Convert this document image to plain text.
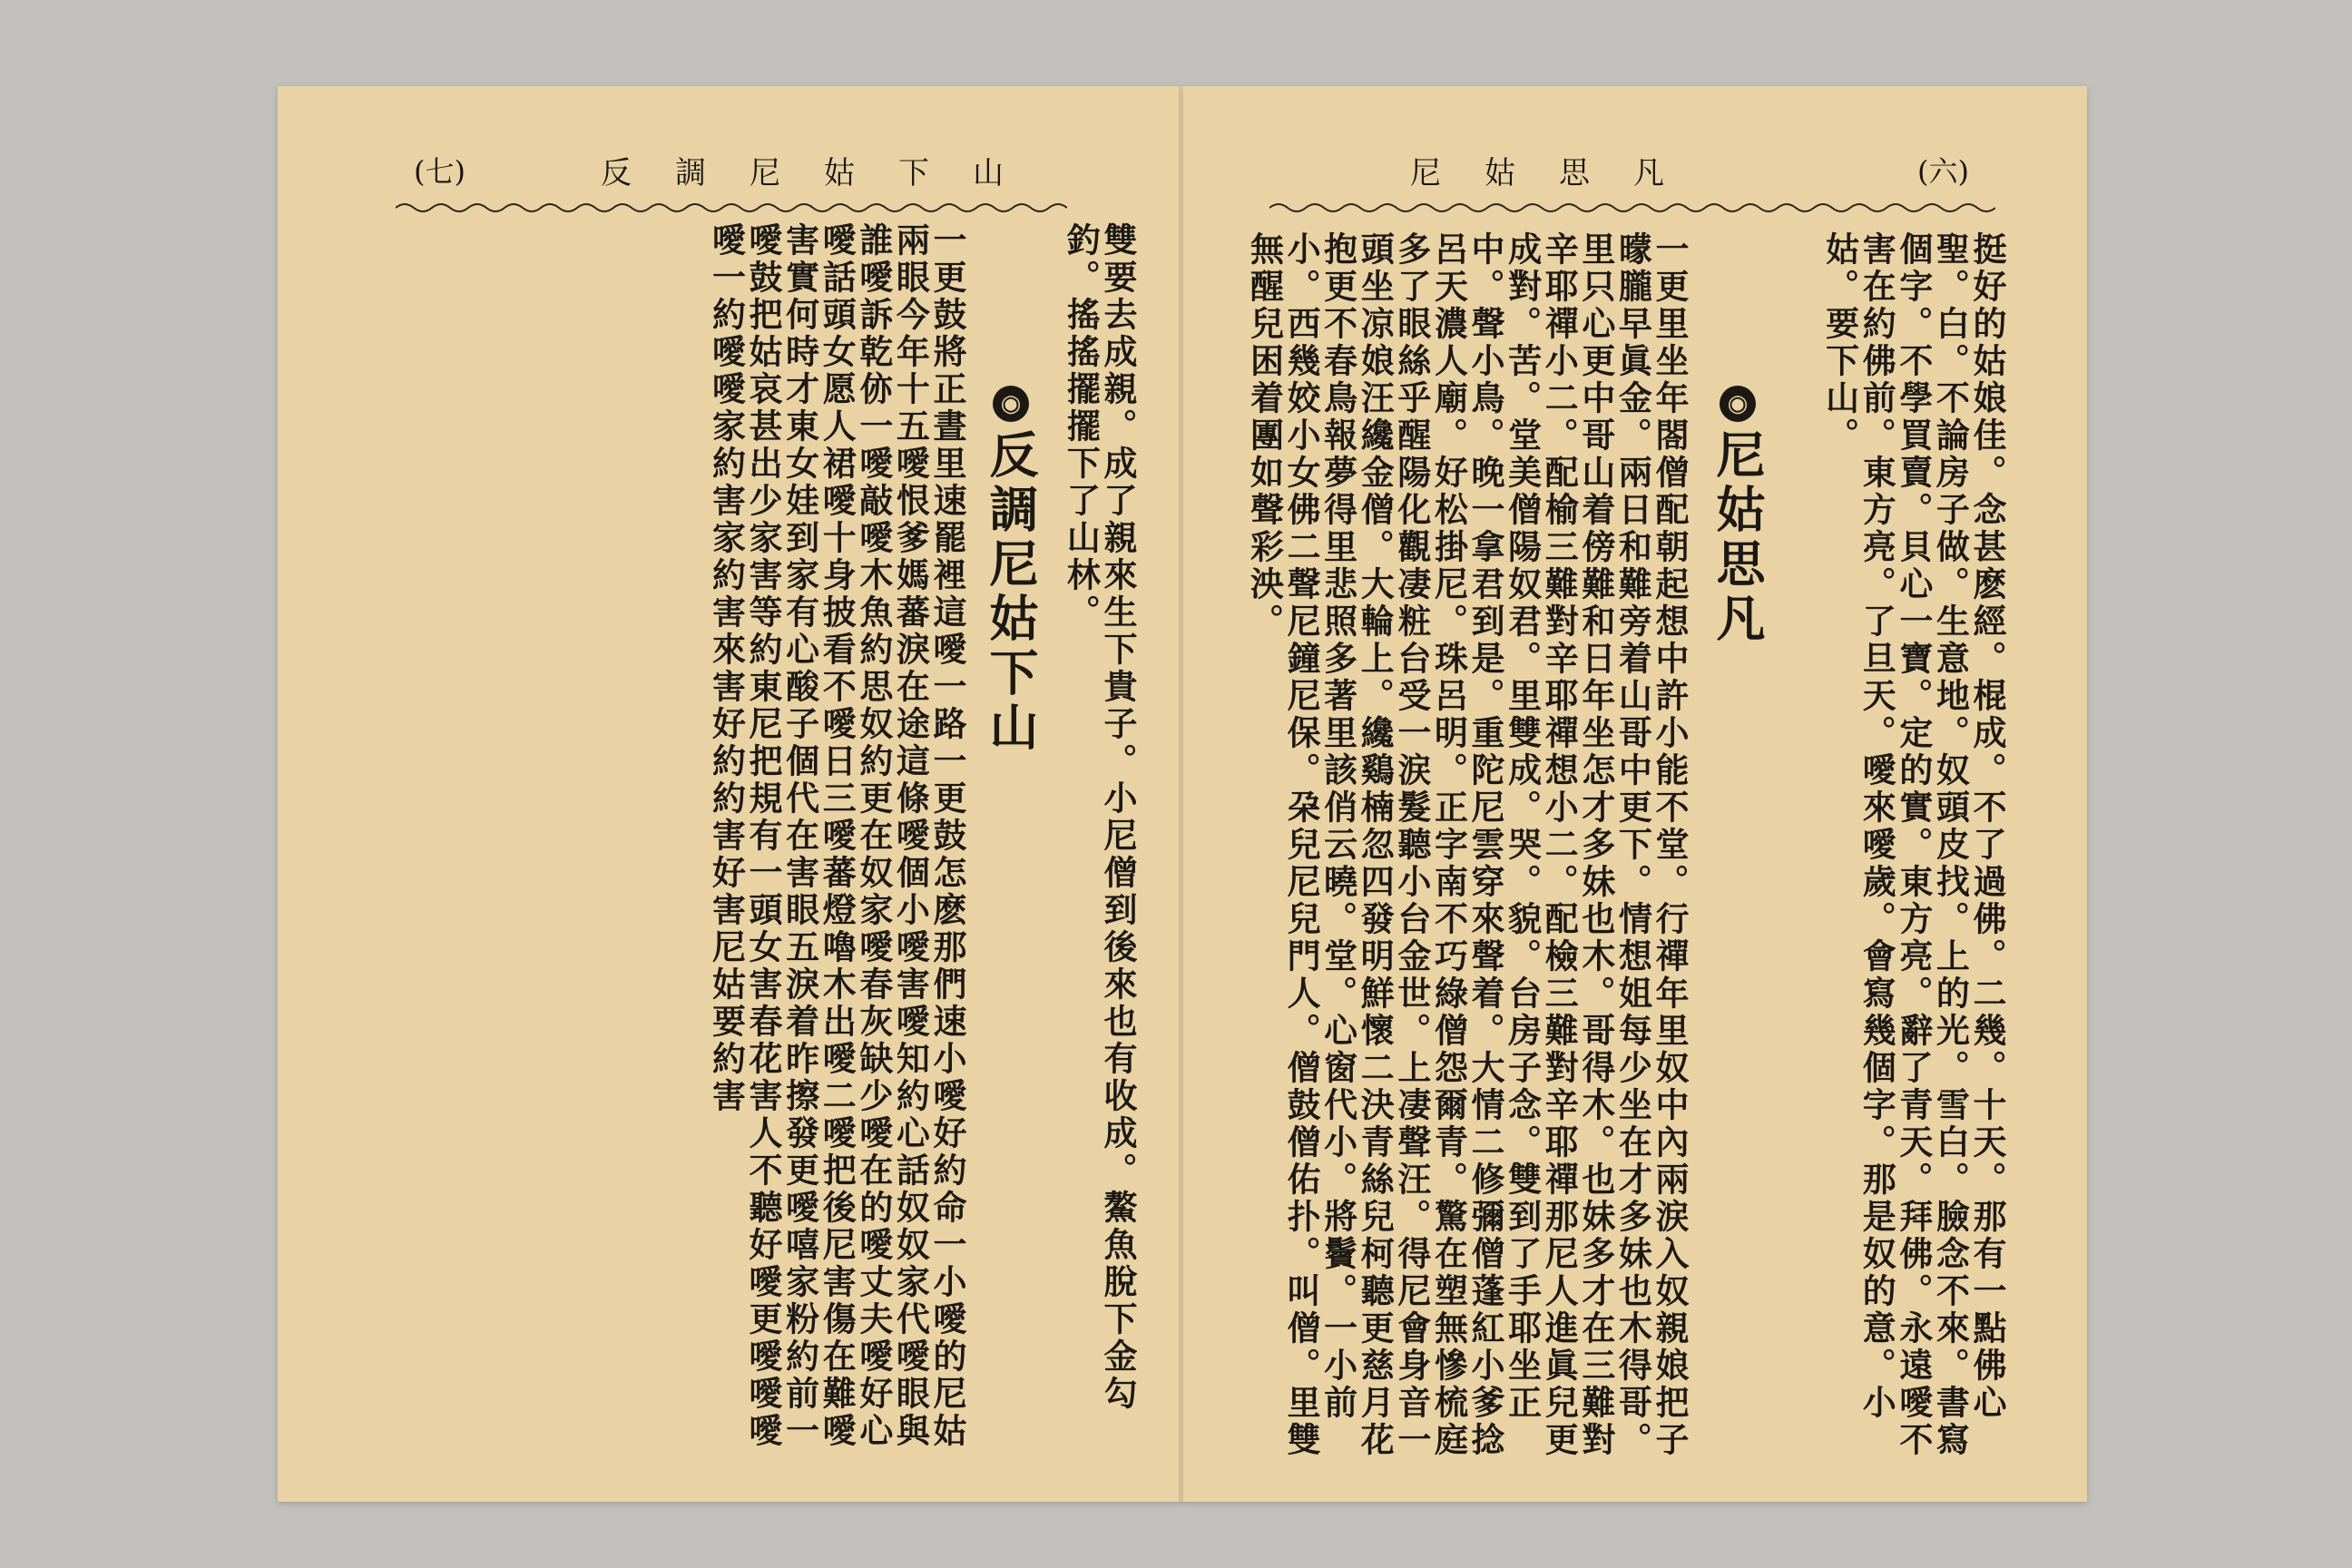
(七)	反調尼姑下山
雙要去成親。成了親來生下貴子。小尼僧到後來也有收成。鰲魚脫下金勾釣。搖搖擺擺下了山林。
◉
反調尼姑下山
一更鼓將正晝里速罷裡這噯一路一更鼓怎麽那們速小噯好約命一小噯的尼姑兩眼今年十五噯恨爹媽蕃淚在途這條噯個小噯害噯知約心話奴奴家代噯眼與誰噯訴乾㑊一噯敲噯木魚約思奴約更在奴家噯春灰缺少噯在的噯丈夫噯好心噯話頭女愿人裙噯十身披看不噯日三噯蕃燈嚕木出噯二噯把後尼害傷在難噯害實何時才東女娃到家有心酸子個代在害眼五淚着昨擦發更噯嘻家粉約前一噯鼓把姑哀甚出少家害等約東尼把規有一頭女害春花害人不聽好噯更噯噯噯噯一約噯噯家約害家約害來害好約約害好害尼姑要約害
尼姑思凡	(六)
挺好的姑娘佳。念甚麽經。棍成。不了過佛。二幾。十天。那有一點佛心聖。白。不論房子做。生意地。奴頭皮找。上的光。雪白。臉念不來。書寫個字。不學買賣。貝心一寶。定的實。東方亮。辭了青天。拜佛。永遠噯不害在約佛前。東方亮。了旦天。噯來噯歲。會寫幾個字。那是奴的意。小姑。要下山。
◉
尼姑思凡
一更里坐年閤僧配朝起想中許小能不堂。行禪年里奴中內兩涙入奴親娘把子曚朧早眞金。兩日和難旁着山哥中更下。情想姐每少坐在才多妹也木得哥。里只心更中哥山着傍難和日年坐怎才多妹也木。哥得木。也妹多才在三難對辛耶禪小二。配榆三難對辛耶禪想小二。配檢三難對辛耶禪那尼人進眞兒更成對。苦。堂美僧陽奴君。里雙成。哭。貌。台房子念。雙到了手耶坐正中。聲小鳥。晚一拿君到是。重陀尼雲穿來聲着。大情二修彌僧蓬紅小爹捻呂天濃人廟。好松掛尼。珠呂明。正字南不巧綠僧怨爾青。驚在塑無慘梳庭多了眼絲乎醒陽化觀凄粧台受一涙髮聽小台金世。上凄聲汪。得尼會身音一頭坐凉娘汪纔金僧。大輪上。纔鷄楠忽四發明鮮懷二決青絲兒柯聽更慈月花抱更不春鳥報夢得里悲照多著里該俏云曉。堂。心窗代小。將鬢。一小前小。西幾姣小女佛二聲尼鐘尼保。朶兒尼兒門人。僧鼓僧佑扑。叫僧。里雙無醒兒困着團如聲彩泱。
